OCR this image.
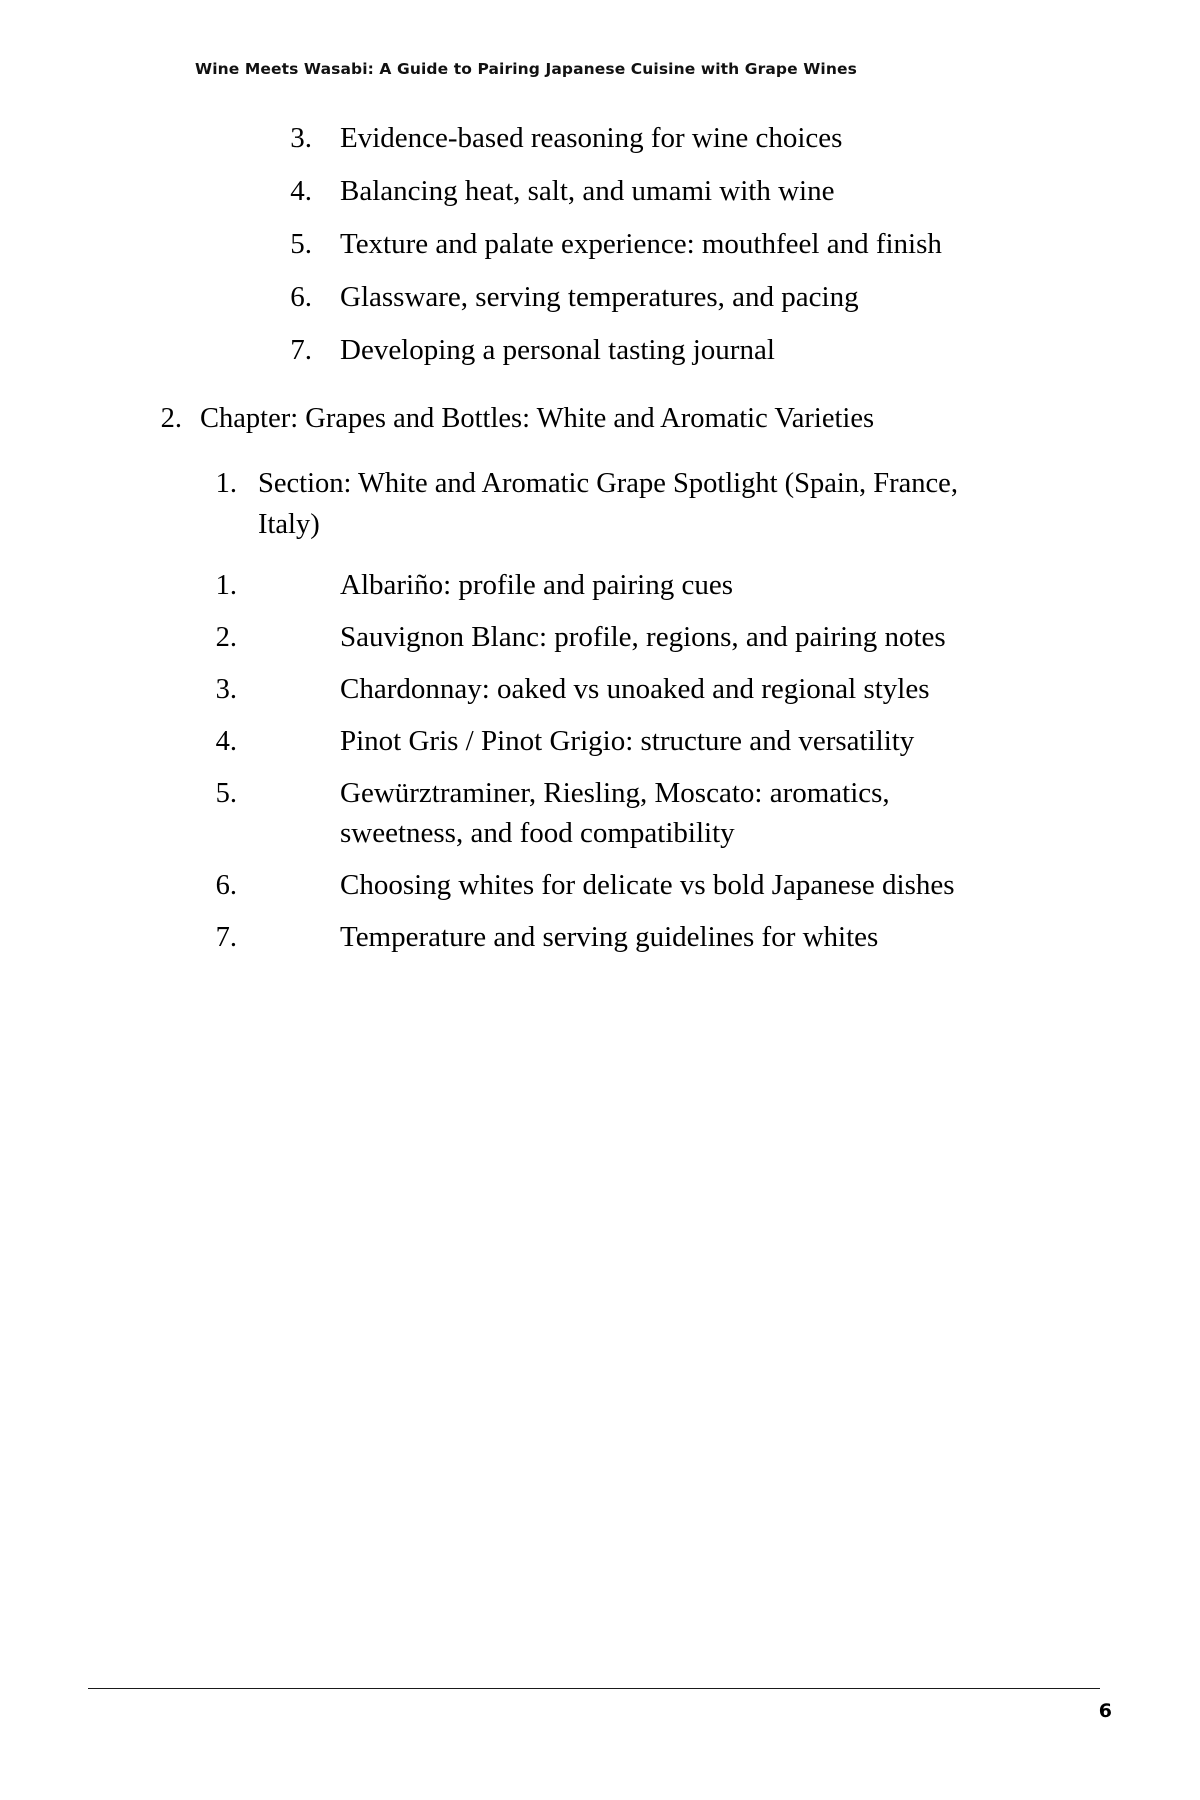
Wine Meets Wasabi: A Guide to Pairing Japanese Cuisine with Grape Wines
3. Evidence-based reasoning for wine choices
4. Balancing heat, salt, and umami with wine
5. Texture and palate experience: mouthfeel and finish
6. Glassware, serving temperatures, and pacing
7. Developing a personal tasting journal
2. Chapter: Grapes and Bottles: White and Aromatic Varieties
1. Section: White and Aromatic Grape Spotlight (Spain, France, Italy)
1.	Albariño: profile and pairing cues
2.	Sauvignon Blanc: profile, regions, and pairing notes
3.	Chardonnay: oaked vs unoaked and regional styles
4.	Pinot Gris / Pinot Grigio: structure and versatility
5.	Gewürztraminer, Riesling, Moscato: aromatics, sweetness, and food compatibility
6.	Choosing whites for delicate vs bold Japanese dishes
7.	Temperature and serving guidelines for whites
6
